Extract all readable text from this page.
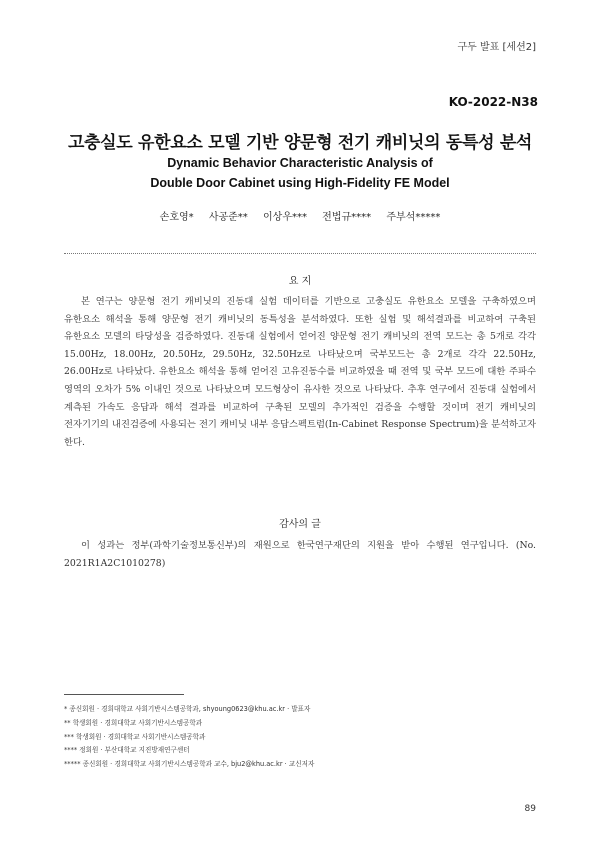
구두 발표 [세션2]
KO-2022-N38
고충실도 유한요소 모델 기반 양문형 전기 캐비닛의 동특성 분석
Dynamic Behavior Characteristic Analysis of
Double Door Cabinet using High-Fidelity FE Model
손호영* 사공준** 이상우*** 전법규**** 주부석*****
요 지
본 연구는 양문형 전기 캐비닛의 진동대 실험 데이터를 기반으로 고충실도 유한요소 모델을 구축하였으며 유한요소 해석을 통해 양문형 전기 캐비닛의 동특성을 분석하였다. 또한 실험 및 해석결과를 비교하여 구축된 유한요소 모델의 타당성을 검증하였다. 진동대 실험에서 얻어진 양문형 전기 캐비닛의 전역 모드는 총 5개로 각각 15.00Hz, 18.00Hz, 20.50Hz, 29.50Hz, 32.50Hz로 나타났으며 국부모드는 총 2개로 각각 22.50Hz, 26.00Hz로 나타났다. 유한요소 해석을 통해 얻어진 고유진동수를 비교하였을 때 전역 및 국부 모드에 대한 주파수 영역의 오차가 5% 이내인 것으로 나타났으며 모드형상이 유사한 것으로 나타났다. 추후 연구에서 진동대 실험에서 계측된 가속도 응답과 해석 결과를 비교하여 구축된 모델의 추가적인 검증을 수행할 것이며 전기 캐비닛의 전자기기의 내진검증에 사용되는 전기 캐비닛 내부 응답스펙트럼(In-Cabinet Response Spectrum)을 분석하고자 한다.
감사의 글
이 성과는 정부(과학기술정보통신부)의 재원으로 한국연구재단의 지원을 받아 수행된 연구입니다. (No. 2021R1A2C1010278)
* 종신회원 · 경희대학교 사회기반시스템공학과, shyoung0623@khu.ac.kr · 발표자
** 학생회원 · 경희대학교 사회기반시스템공학과
*** 학생회원 · 경희대학교 사회기반시스템공학과
**** 정회원 · 부산대학교 지진방재연구센터
***** 종신회원 · 경희대학교 사회기반시스템공학과 교수, bju2@khu.ac.kr · 교신저자
89
